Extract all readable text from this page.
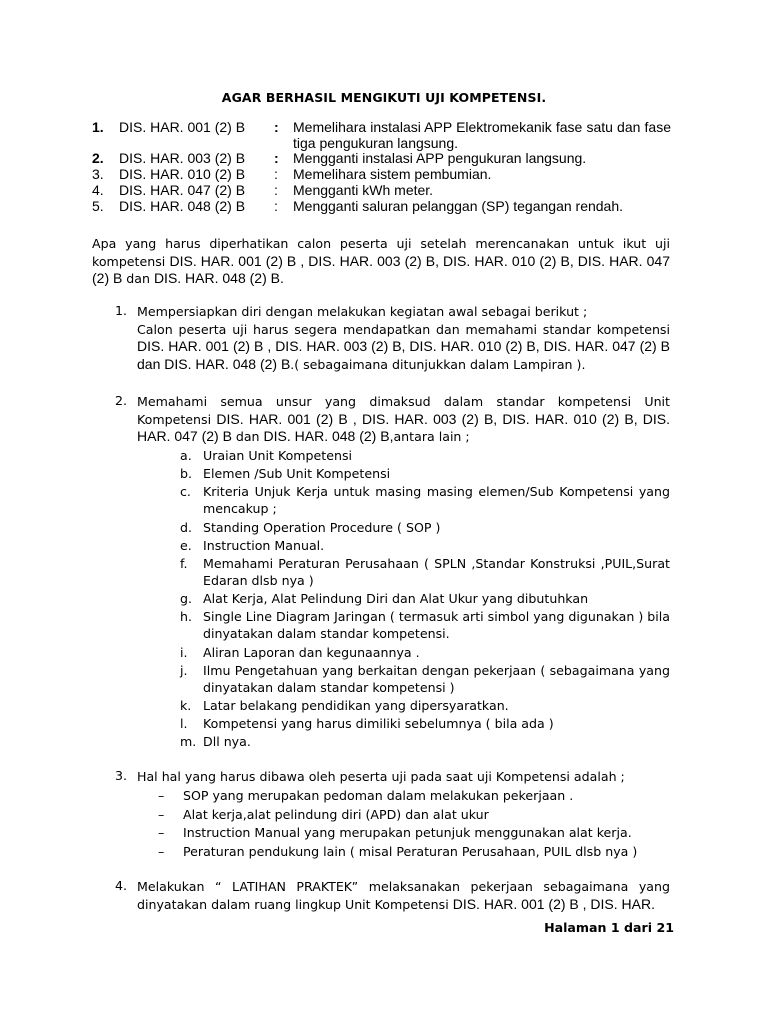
AGAR BERHASIL MENGIKUTI UJI KOMPETENSI.
1. DIS. HAR. 001 (2) B : Memelihara instalasi APP Elektromekanik fase satu dan fase tiga pengukuran langsung.
2. DIS. HAR. 003 (2) B : Mengganti instalasi APP pengukuran langsung.
3. DIS. HAR. 010 (2) B : Memelihara sistem pembumian.
4. DIS. HAR. 047 (2) B : Mengganti kWh meter.
5. DIS. HAR. 048 (2) B : Mengganti saluran pelanggan (SP) tegangan rendah.
Apa yang harus diperhatikan calon peserta uji setelah merencanakan untuk ikut uji kompetensi DIS. HAR. 001 (2) B , DIS. HAR. 003 (2) B, DIS. HAR. 010 (2) B, DIS. HAR. 047 (2) B dan DIS. HAR. 048 (2) B.
1. Mempersiapkan diri dengan melakukan kegiatan awal sebagai berikut ;
Calon peserta uji harus segera mendapatkan dan memahami standar kompetensi DIS. HAR. 001 (2) B , DIS. HAR. 003 (2) B, DIS. HAR. 010 (2) B, DIS. HAR. 047 (2) B dan DIS. HAR. 048 (2) B.( sebagaimana ditunjukkan dalam Lampiran ).
2. Memahami semua unsur yang dimaksud dalam standar kompetensi Unit Kompetensi DIS. HAR. 001 (2) B , DIS. HAR. 003 (2) B, DIS. HAR. 010 (2) B, DIS. HAR. 047 (2) B dan DIS. HAR. 048 (2) B,antara lain ;
a. Uraian Unit Kompetensi
b. Elemen /Sub Unit Kompetensi
c. Kriteria Unjuk Kerja untuk masing masing elemen/Sub Kompetensi yang mencakup ;
d. Standing Operation Procedure ( SOP )
e. Instruction Manual.
f. Memahami Peraturan Perusahaan ( SPLN ,Standar Konstruksi ,PUIL,Surat Edaran dlsb nya )
g. Alat Kerja, Alat Pelindung Diri dan Alat Ukur yang dibutuhkan
h. Single Line Diagram Jaringan ( termasuk arti simbol yang digunakan ) bila dinyatakan dalam standar kompetensi.
i. Aliran Laporan dan kegunaannya .
j. Ilmu Pengetahuan yang berkaitan dengan pekerjaan ( sebagaimana yang dinyatakan dalam standar kompetensi )
k. Latar belakang pendidikan yang dipersyaratkan.
l. Kompetensi yang harus dimiliki sebelumnya ( bila ada )
m. Dll nya.
3. Hal hal yang harus dibawa oleh peserta uji pada saat uji Kompetensi adalah ;
– SOP yang merupakan pedoman dalam melakukan pekerjaan .
– Alat kerja,alat pelindung diri (APD) dan alat ukur
– Instruction Manual yang merupakan petunjuk menggunakan alat kerja.
– Peraturan pendukung lain ( misal Peraturan Perusahaan, PUIL dlsb nya )
4. Melakukan “ LATIHAN PRAKTEK” melaksanakan pekerjaan sebagaimana yang dinyatakan dalam ruang lingkup Unit Kompetensi DIS. HAR. 001 (2) B , DIS. HAR.
Halaman 1 dari 21
